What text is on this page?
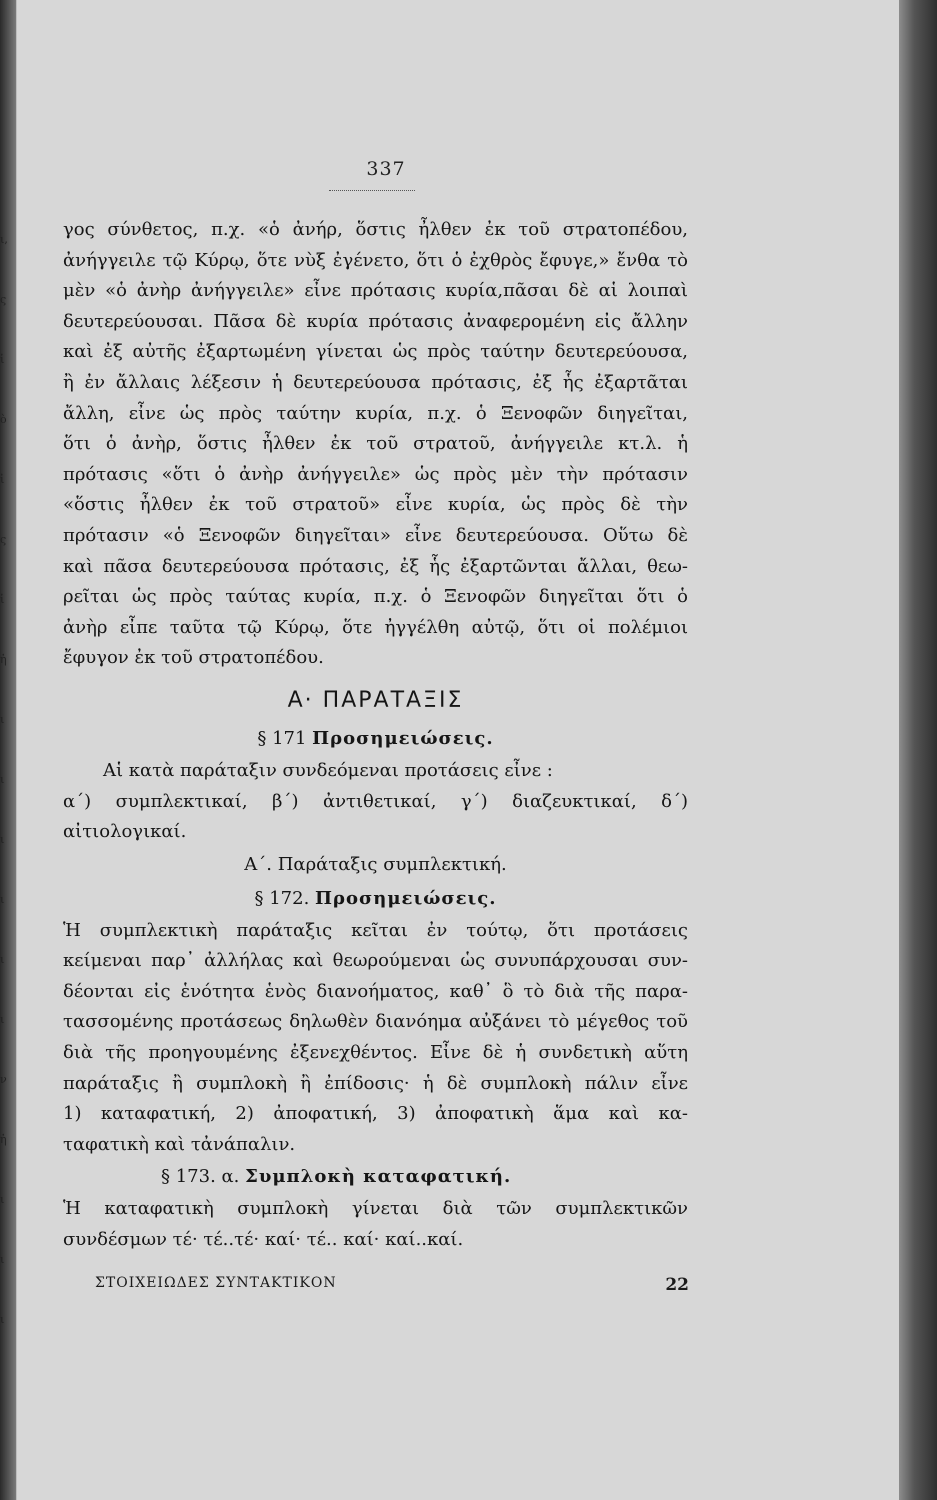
ι,
ς
ἱ
ὸ
ἰ
ς
ἱ
ἡ
ι
ι
ι
ι
ι
ι
ν
ἡ
ι
ι
ι
337
γος σύνθετος, π.χ. «ὁ ἀνήρ, ὅστις ἦλθεν ἐκ τοῦ στρατοπέδου,
ἀνήγγειλε τῷ Κύρῳ, ὅτε νὺξ ἐγένετο, ὅτι ὁ ἐχθρὸς ἔφυγε,» ἔνθα τὸ
μὲν «ὁ ἀνὴρ ἀνήγγειλε» εἶνε πρότασις κυρία,πᾶσαι δὲ αἱ λοιπαὶ
δευτερεύουσαι. Πᾶσα δὲ κυρία πρότασις ἀναφερομένη εἰς ἄλλην
καὶ ἐξ αὐτῆς ἐξαρτωμένη γίνεται ὡς πρὸς ταύτην δευτερεύουσα,
ἢ ἐν ἄλλαις λέξεσιν ἡ δευτερεύουσα πρότασις, ἐξ ἧς ἐξαρτᾶται
ἄλλη, εἶνε ὡς πρὸς ταύτην κυρία, π.χ. ὁ Ξενοφῶν διηγεῖται,
ὅτι ὁ ἀνὴρ, ὅστις ἦλθεν ἐκ τοῦ στρατοῦ, ἀνήγγειλε κτ.λ. ἡ
πρότασις «ὅτι ὁ ἀνὴρ ἀνήγγειλε» ὡς πρὸς μὲν τὴν πρότασιν
«ὅστις ἦλθεν ἐκ τοῦ στρατοῦ» εἶνε κυρία, ὡς πρὸς δὲ τὴν
πρότασιν «ὁ Ξενοφῶν διηγεῖται» εἶνε δευτερεύουσα. Οὕτω δὲ
καὶ πᾶσα δευτερεύουσα πρότασις, ἐξ ἧς ἐξαρτῶνται ἄλλαι, θεω-
ρεῖται ὡς πρὸς ταύτας κυρία, π.χ. ὁ Ξενοφῶν διηγεῖται ὅτι ὁ
ἀνὴρ εἶπε ταῦτα τῷ Κύρῳ, ὅτε ἠγγέλθη αὐτῷ, ὅτι οἱ πολέμιοι
ἔφυγον ἐκ τοῦ στρατοπέδου.
Α· ΠΑΡΑΤΑΞΙΣ
§ 171 Προσημειώσεις.
Αἱ κατὰ παράταξιν συνδεόμεναι προτάσεις εἶνε :
α΄) συμπλεκτικαί, β΄) ἀντιθετικαί, γ΄) διαζευκτικαί, δ΄)
αἰτιολογικαί.
Α΄. Παράταξις συμπλεκτική.
§ 172. Προσημειώσεις.
Ἡ συμπλεκτικὴ παράταξις κεῖται ἐν τούτῳ, ὅτι προτάσεις
κείμεναι παρ᾽ ἀλλήλας καὶ θεωρούμεναι ὡς συνυπάρχουσαι συν-
δέονται εἰς ἑνότητα ἑνὸς διανοήματος, καθ᾽ ὃ τὸ διὰ τῆς παρα-
τασσομένης προτάσεως δηλωθὲν διανόημα αὐξάνει τὸ μέγεθος τοῦ
διὰ τῆς προηγουμένης ἐξενεχθέντος. Εἶνε δὲ ἡ συνδετικὴ αὕτη
παράταξις ἢ συμπλοκὴ ἢ ἐπίδοσις· ἡ δὲ συμπλοκὴ πάλιν εἶνε
1) καταφατική, 2) ἀποφατική, 3) ἀποφατικὴ ἅμα καὶ κα-
ταφατικὴ καὶ τἀνάπαλιν.
§ 173. α. Συμπλοκὴ καταφατική.
Ἡ καταφατικὴ συμπλοκὴ γίνεται διὰ τῶν συμπλεκτικῶν
συνδέσμων τέ· τέ..τέ· καί· τέ.. καί· καί..καί.
ΣΤΟΙΧΕΙΩΔΕΣ ΣΥΝΤΑΚΤΙΚΟΝ	22
